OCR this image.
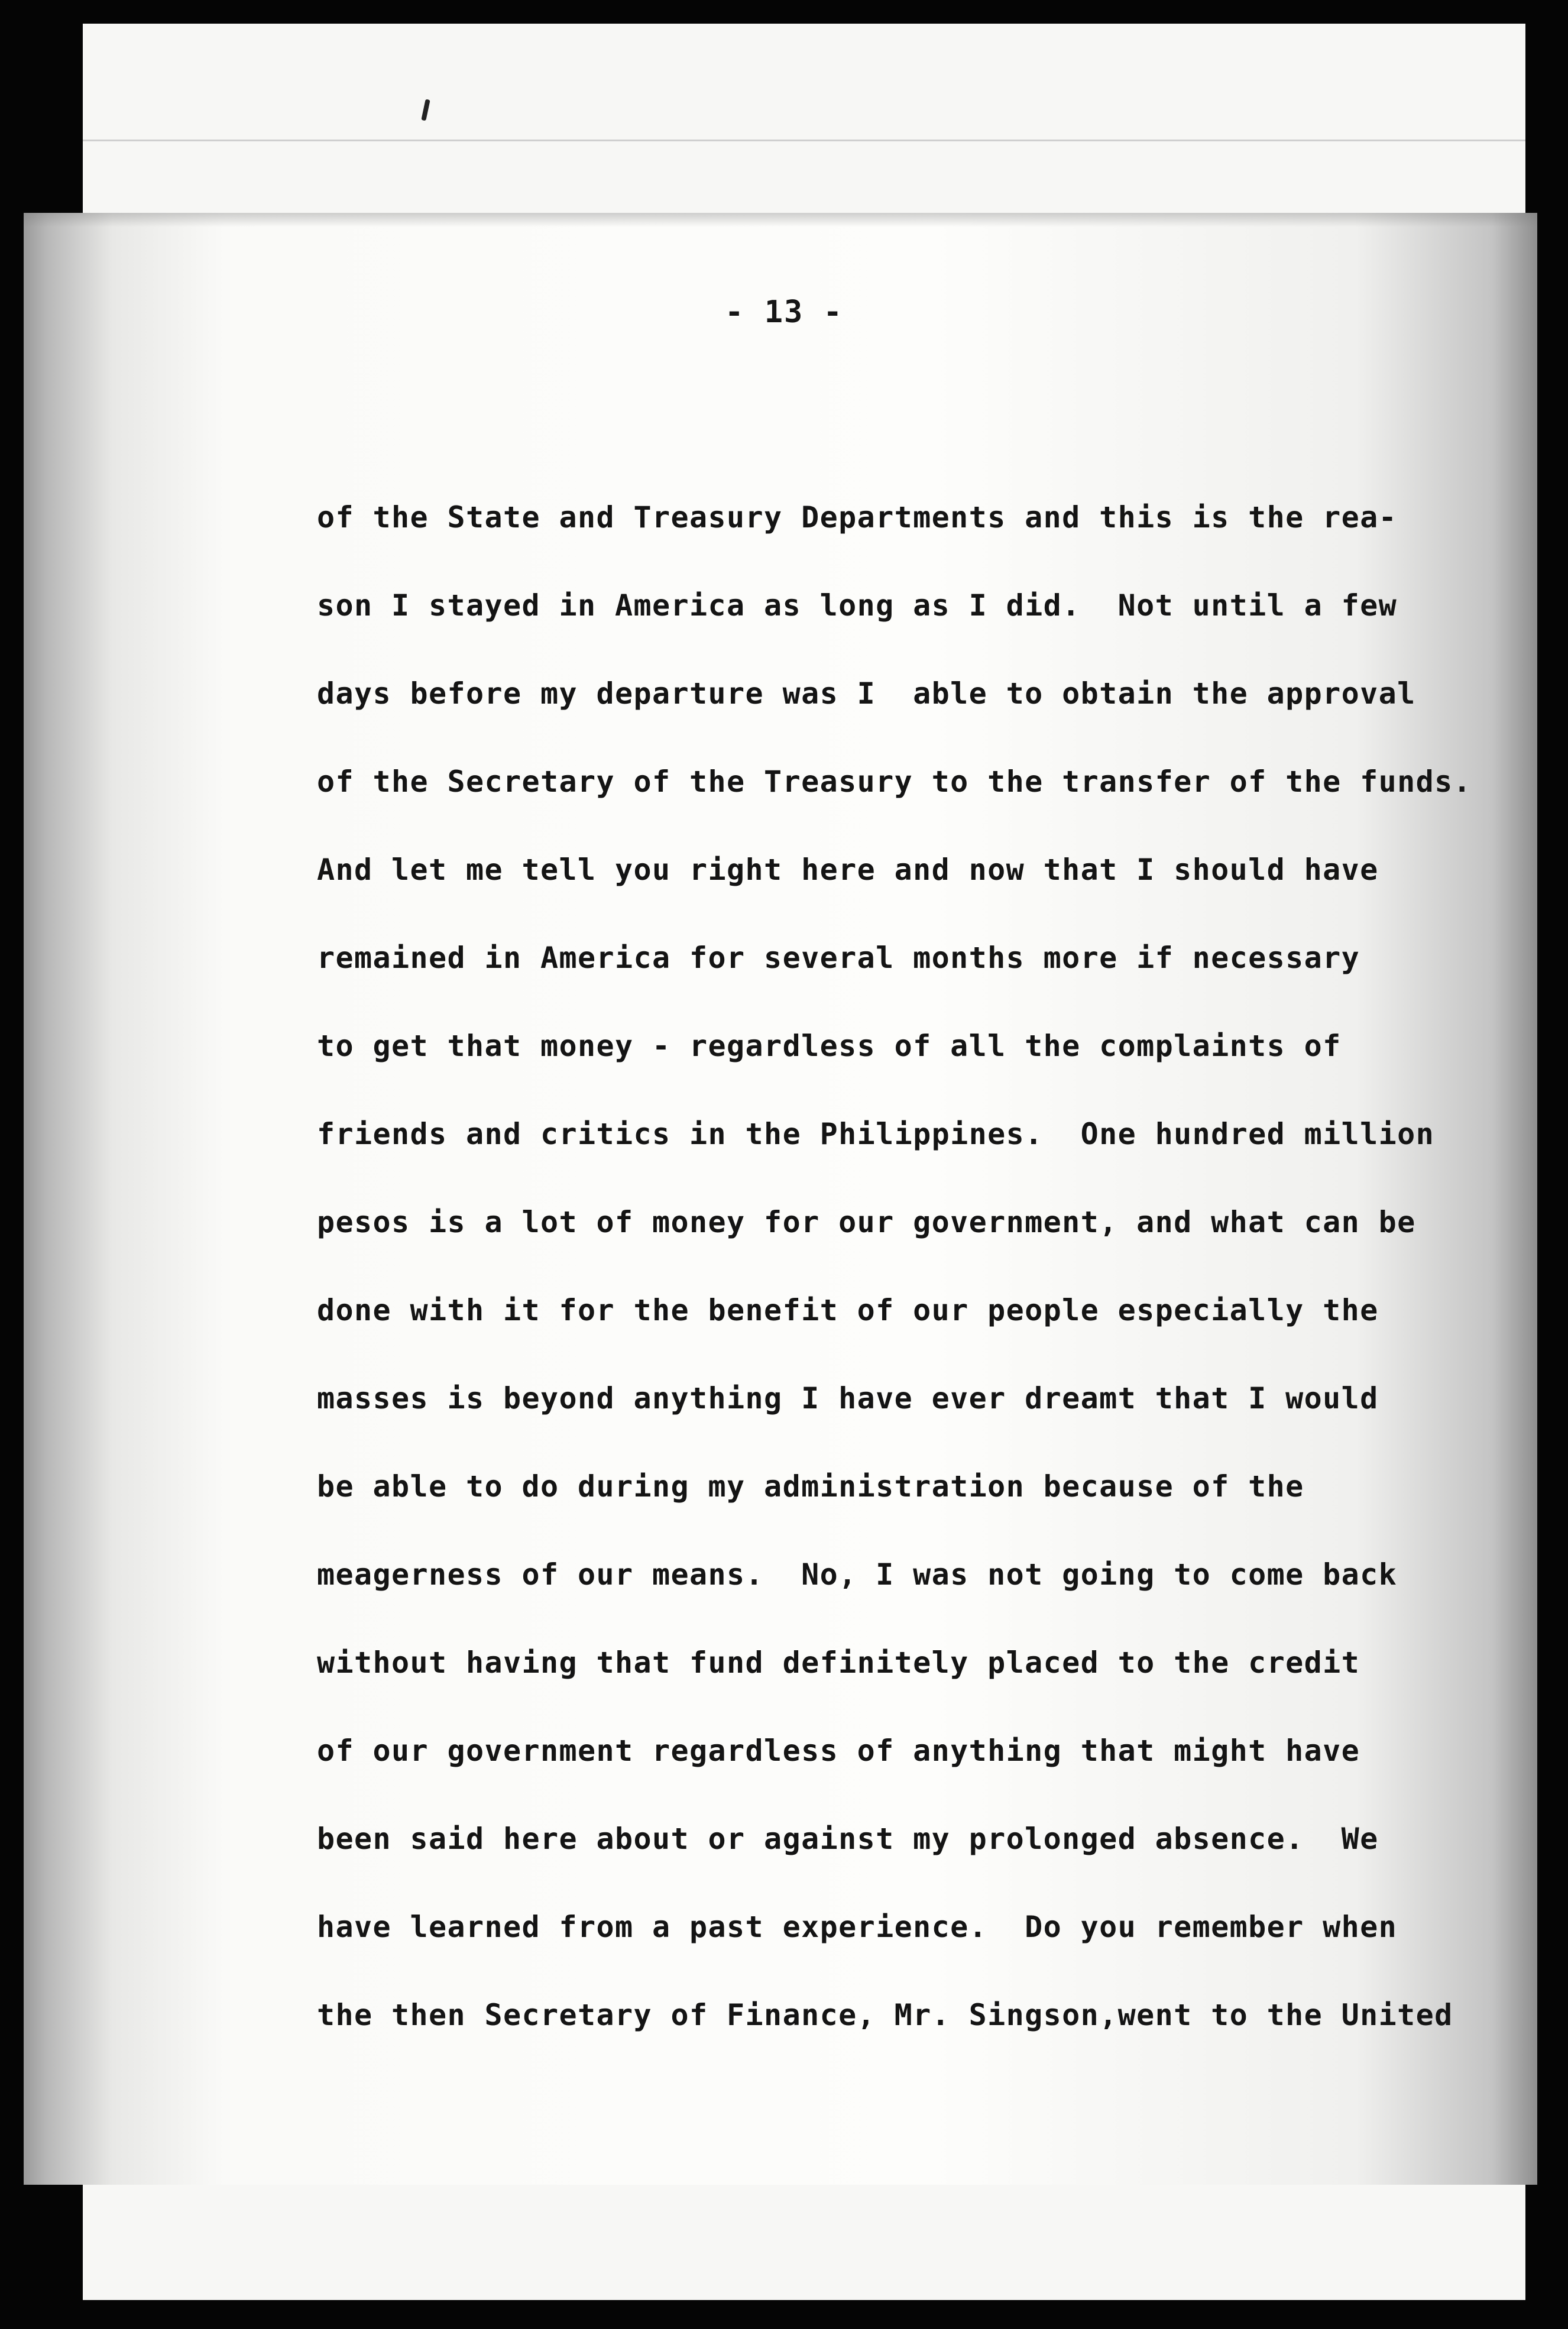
- 13 -
of the State and Treasury Departments and this is the rea-
son I stayed in America as long as I did.  Not until a few
days before my departure was I  able to obtain the approval
of the Secretary of the Treasury to the transfer of the funds.
And let me tell you right here and now that I should have
remained in America for several months more if necessary
to get that money - regardless of all the complaints of
friends and critics in the Philippines.  One hundred million
pesos is a lot of money for our government, and what can be
done with it for the benefit of our people especially the
masses is beyond anything I have ever dreamt that I would
be able to do during my administration because of the
meagerness of our means.  No, I was not going to come back
without having that fund definitely placed to the credit
of our government regardless of anything that might have
been said here about or against my prolonged absence.  We
have learned from a past experience.  Do you remember when
the then Secretary of Finance, Mr. Singson,went to the United
